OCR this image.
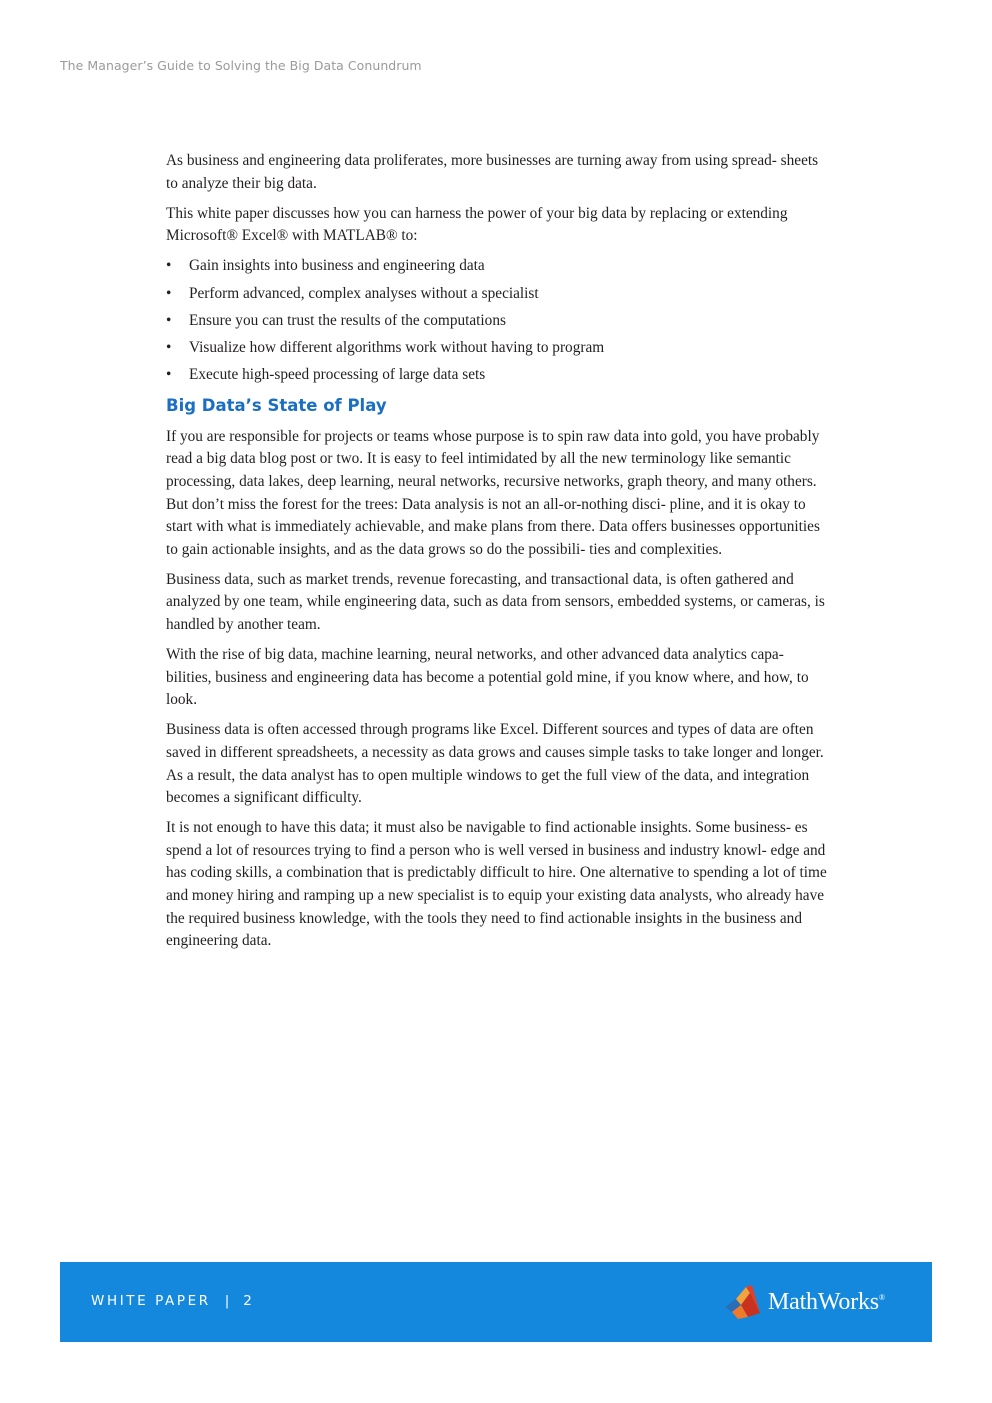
The Manager’s Guide to Solving the Big Data Conundrum

As business and engineering data proliferates, more businesses are turning away from using spread- sheets to analyze their big data.

This white paper discusses how you can harness the power of your big data by replacing or extending Microsoft® Excel® with MATLAB® to:

• Gain insights into business and engineering data
• Perform advanced, complex analyses without a specialist
• Ensure you can trust the results of the computations
• Visualize how different algorithms work without having to program
• Execute high-speed processing of large data sets
Big Data’s State of Play

If you are responsible for projects or teams whose purpose is to spin raw data into gold, you have probably read a big data blog post or two. It is easy to feel intimidated by all the new terminology like semantic processing, data lakes, deep learning, neural networks, recursive networks, graph theory, and many others. But don’t miss the forest for the trees: Data analysis is not an all-or-nothing disci- pline, and it is okay to start with what is immediately achievable, and make plans from there. Data offers businesses opportunities to gain actionable insights, and as the data grows so do the possibili- ties and complexities.

Business data, such as market trends, revenue forecasting, and transactional data, is often gathered and analyzed by one team, while engineering data, such as data from sensors, embedded systems, or cameras, is handled by another team.

With the rise of big data, machine learning, neural networks, and other advanced data analytics capa- bilities, business and engineering data has become a potential gold mine, if you know where, and how, to look.

Business data is often accessed through programs like Excel. Different sources and types of data are often saved in different spreadsheets, a necessity as data grows and causes simple tasks to take longer and longer. As a result, the data analyst has to open multiple windows to get the full view of the data, and integration becomes a significant difficulty.

It is not enough to have this data; it must also be navigable to find actionable insights. Some business- es spend a lot of resources trying to find a person who is well versed in business and industry knowl- edge and has coding skills, a combination that is predictably difficult to hire. One alternative to spending a lot of time and money hiring and ramping up a new specialist is to equip your existing data analysts, who already have the required business knowledge, with the tools they need to find actionable insights in the business and engineering data.

WHITE PAPER | 2	MathWorks®
